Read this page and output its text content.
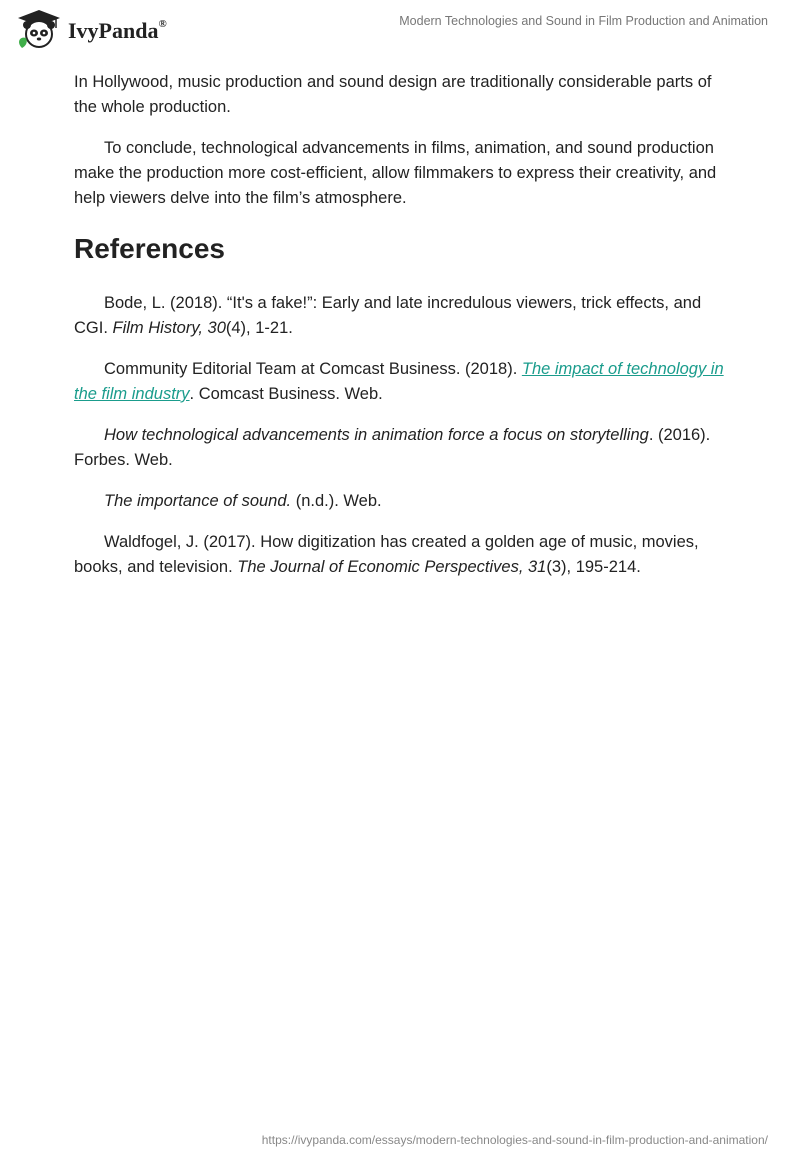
IvyPanda®	Modern Technologies and Sound in Film Production and Animation

In Hollywood, music production and sound design are traditionally considerable parts of the whole production.

To conclude, technological advancements in films, animation, and sound production make the production more cost-efficient, allow filmmakers to express their creativity, and help viewers delve into the film’s atmosphere.

References

Bode, L. (2018). “It's a fake!”: Early and late incredulous viewers, trick effects, and CGI. Film History, 30(4), 1-21.

Community Editorial Team at Comcast Business. (2018). The impact of technology in the film industry. Comcast Business. Web.

How technological advancements in animation force a focus on storytelling. (2016). Forbes. Web.

The importance of sound. (n.d.). Web.

Waldfogel, J. (2017). How digitization has created a golden age of music, movies, books, and television. The Journal of Economic Perspectives, 31(3), 195-214.

https://ivypanda.com/essays/modern-technologies-and-sound-in-film-production-and-animation/
